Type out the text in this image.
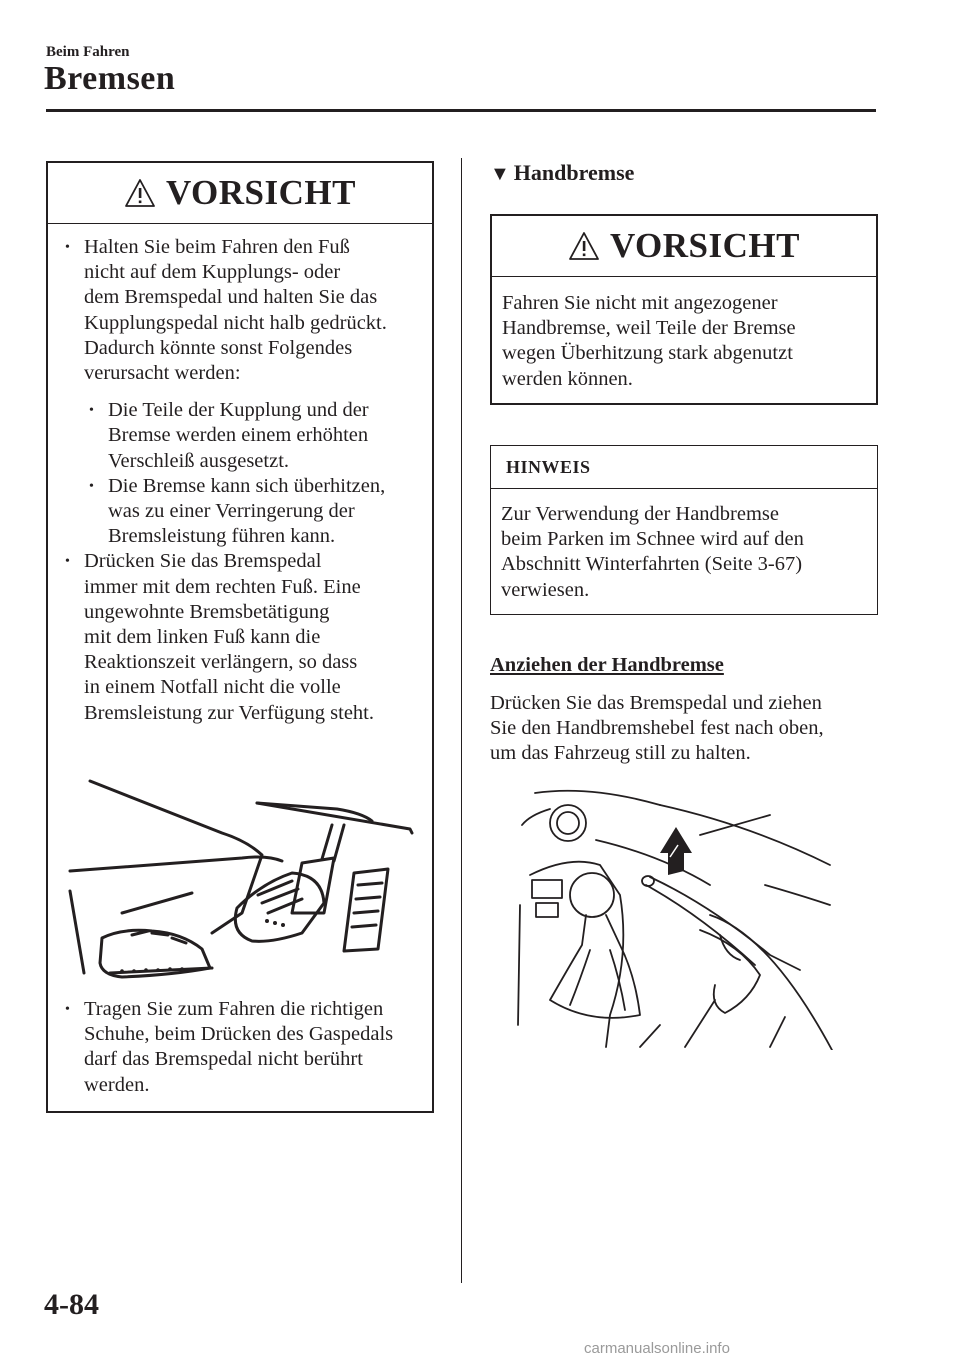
Beim Fahren
Bremsen
VORSICHT
• Halten Sie beim Fahren den Fuß
nicht auf dem Kupplungs- oder
dem Bremspedal und halten Sie das
Kupplungspedal nicht halb gedrückt.
Dadurch könnte sonst Folgendes
verursacht werden:
• Die Teile der Kupplung und der
Bremse werden einem erhöhten
Verschleiß ausgesetzt.
• Die Bremse kann sich überhitzen,
was zu einer Verringerung der
Bremsleistung führen kann.
• Drücken Sie das Bremspedal
immer mit dem rechten Fuß. Eine
ungewohnte Bremsbetätigung
mit dem linken Fuß kann die
Reaktionszeit verlängern, so dass
in einem Notfall nicht die volle
Bremsleistung zur Verfügung steht.
• Tragen Sie zum Fahren die richtigen
Schuhe, beim Drücken des Gaspedals
darf das Bremspedal nicht berührt
werden.
▼ Handbremse
VORSICHT
Fahren Sie nicht mit angezogener
Handbremse, weil Teile der Bremse
wegen Überhitzung stark abgenutzt
werden können.
HINWEIS
Zur Verwendung der Handbremse
beim Parken im Schnee wird auf den
Abschnitt Winterfahrten (Seite 3-67)
verwiesen.
Anziehen der Handbremse
Drücken Sie das Bremspedal und ziehen
Sie den Handbremshebel fest nach oben,
um das Fahrzeug still zu halten.
4-84
carmanualsonline.info
